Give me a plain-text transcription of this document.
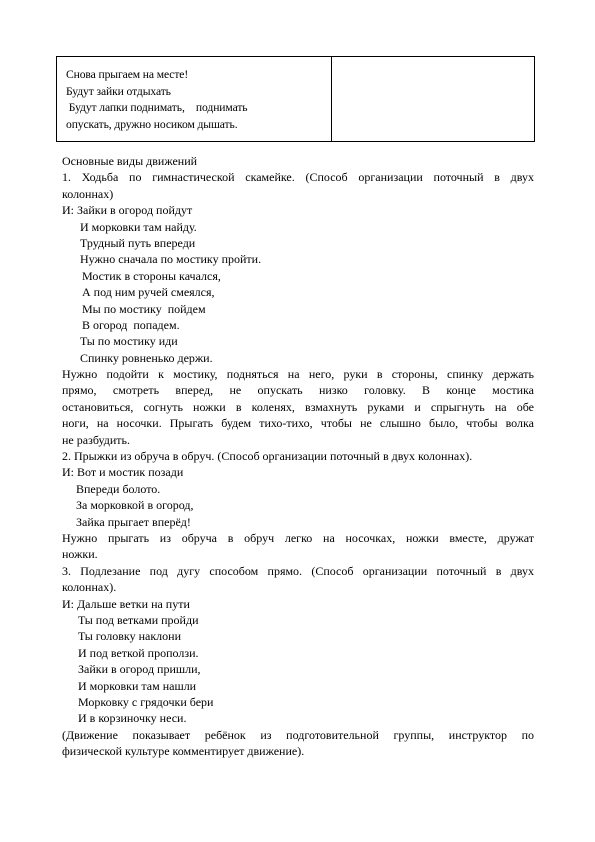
Снова прыгаем на месте!
Будут зайки отдыхать
Будут лапки поднимать,    поднимать
опускать, дружно носиком дышать.

Основные виды движений
1. Ходьба по гимнастической скамейке. (Способ организации поточный в двух
колоннах)
И: Зайки в огород пойдут
И морковки там найду.
Трудный путь впереди
Нужно сначала по мостику пройти.
Мостик в стороны качался,
А под ним ручей смеялся,
Мы по мостику  пойдем
В огород  попадем.
Ты по мостику иди
Спинку ровненько держи.
Нужно подойти к мостику, подняться на него, руки в стороны, спинку держать
прямо, смотреть вперед, не опускать низко головку. В конце мостика
остановиться, согнуть ножки в коленях, взмахнуть руками и спрыгнуть на обе
ноги, на носочки. Прыгать будем тихо-тихо, чтобы не слышно было, чтобы волка
не разбудить.
2. Прыжки из обруча в обруч. (Способ организации поточный в двух колоннах).
И: Вот и мостик позади
Впереди болото.
За морковкой в огород,
Зайка прыгает вперёд!
Нужно прыгать из обруча в обруч легко на носочках, ножки вместе, дружат
ножки.
3. Подлезание под дугу способом прямо. (Способ организации поточный в двух
колоннах).
И: Дальше ветки на пути
Ты под ветками пройди
Ты головку наклони
И под веткой проползи.
Зайки в огород пришли,
И морковки там нашли
Морковку с грядочки бери
И в корзиночку неси.
(Движение показывает ребёнок из подготовительной группы, инструктор по
физической культуре комментирует движение).
